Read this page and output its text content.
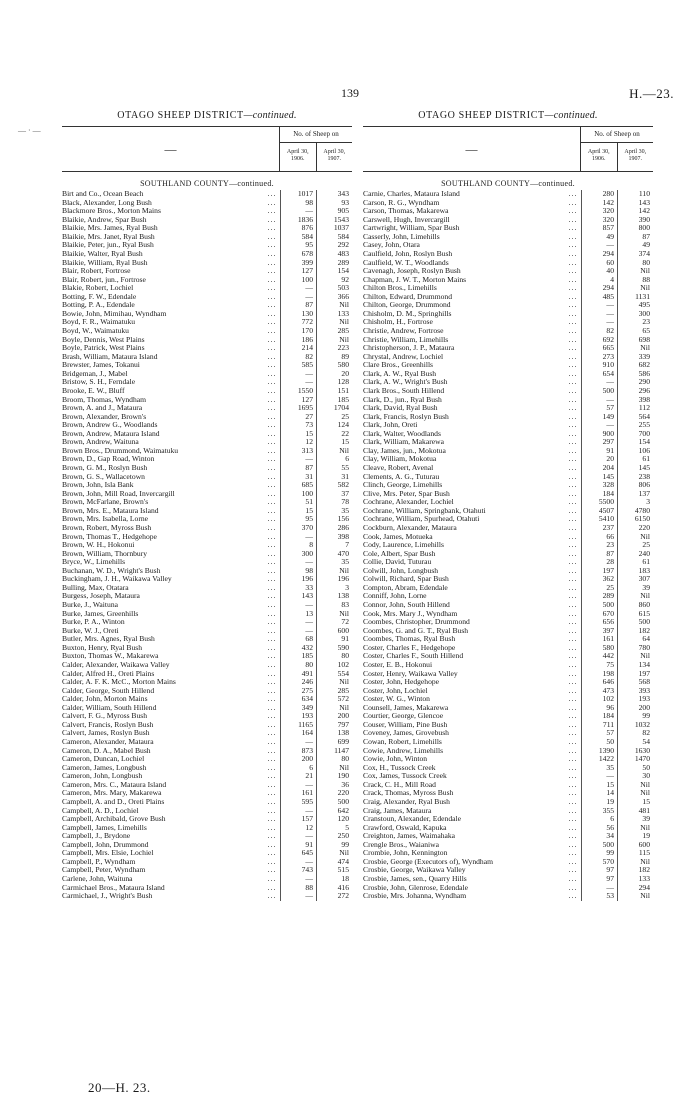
139	H.—23.
— · —
OTAGO SHEEP DISTRICT—continued.
—
No. of Sheep on
April 30, 1906.
April 30, 1907.
SOUTHLAND COUNTY—continued.
Birt and Co., Ocean Beach	...	1017	343
Black, Alexander, Long Bush	...	98	93
Blackmore Bros., Morton Mains	...	—	905
Blaikie, Andrew, Spar Bush	...	1836	1543
Blaikie, Mrs. James, Ryal Bush	...	876	1037
Blaikie, Mrs. Janet, Ryal Bush	...	584	584
Blaikie, Peter, jun., Ryal Bush	...	95	292
Blaikie, Walter, Ryal Bush	...	678	483
Blaikie, William, Ryal Bush	...	399	289
Blair, Robert, Fortrose	...	127	154
Blair, Robert, jun., Fortrose	...	100	92
Blakie, Robert, Lochiel	...	—	503
Botting, F. W., Edendale	...	—	366
Botting, P. A., Edendale	...	87	Nil
Bowie, John, Mimihau, Wyndham	...	130	133
Boyd, F. R., Waimatuku	...	772	Nil
Boyd, W., Waimatuku	...	170	285
Boyle, Dennis, West Plains	...	186	Nil
Boyle, Patrick, West Plains	...	214	223
Brash, William, Mataura Island	...	82	89
Brewster, James, Tokanui	...	585	580
Bridgeman, J., Mabel	...	—	20
Bristow, S. H., Ferndale	...	—	128
Brooke, E. W., Bluff	...	1550	151
Broom, Thomas, Wyndham	...	127	185
Brown, A. and J., Mataura	...	1695	1704
Brown, Alexander, Brown's	...	27	25
Brown, Andrew G., Woodlands	...	73	124
Brown, Andrew, Mataura Island	...	15	22
Brown, Andrew, Waituna	...	12	15
Brown Bros., Drummond, Waimatuku	...	313	Nil
Brown, D., Gap Road, Winton	...	—	6
Brown, G. M., Roslyn Bush	...	87	55
Brown, G. S., Wallacetown	...	31	31
Brown, John, Isla Bank	...	685	582
Brown, John, Mill Road, Invercargill	...	100	37
Brown, McFarlane, Brown's	...	51	78
Brown, Mrs. E., Mataura Island	...	15	35
Brown, Mrs. Isabella, Lorne	...	95	156
Brown, Robert, Myross Bush	...	370	286
Brown, Thomas T., Hedgehope	...	—	398
Brown, W. H., Hokonui	...	8	7
Brown, William, Thornbury	...	300	470
Bryce, W., Limehills	...	—	35
Buchanan, W. D., Wright's Bush	...	98	Nil
Buckingham, J. H., Waikawa Valley	...	196	196
Bulling, Max, Otatara	...	33	3
Burgess, Joseph, Mataura	...	143	138
Burke, J., Waituna	...	—	83
Burke, James, Greenhills	...	13	Nil
Burke, P. A., Winton	...	—	72
Burke, W. J., Oreti	...	—	600
Butler, Mrs. Agnes, Ryal Bush	...	68	91
Buxton, Henry, Ryal Bush	...	432	590
Buxton, Thomas W., Makarewa	...	185	80
Calder, Alexander, Waikawa Valley	...	80	102
Calder, Alfred H., Oreti Plains	...	491	554
Calder, A. F. K. McC., Morton Mains	...	246	Nil
Calder, George, South Hillend	...	275	285
Calder, John, Morton Mains	...	634	572
Calder, William, South Hillend	...	349	Nil
Calvert, F. G., Myross Bush	...	193	200
Calvert, Francis, Roslyn Bush	...	1165	797
Calvert, James, Roslyn Bush	...	164	138
Cameron, Alexander, Mataura	...	—	699
Cameron, D. A., Mabel Bush	...	873	1147
Cameron, Duncan, Lochiel	...	200	80
Cameron, James, Longbush	...	6	Nil
Cameron, John, Longbush	...	21	190
Cameron, Mrs. C., Mataura Island	...	—	36
Cameron, Mrs. Mary, Makarewa	...	161	220
Campbell, A. and D., Oreti Plains	...	595	500
Campbell, A. D., Lochiel	...	—	642
Campbell, Archibald, Grove Bush	...	157	120
Campbell, James, Limehills	...	12	5
Campbell, J., Brydone	...	—	250
Campbell, John, Drummond	...	91	99
Campbell, Mrs. Elsie, Lochiel	...	645	Nil
Campbell, P., Wyndham	...	—	474
Campbell, Peter, Wyndham	...	743	515
Carlene, John, Waituna	...	—	18
Carmichael Bros., Mataura Island	...	88	416
Carmichael, J., Wright's Bush	...	—	272
OTAGO SHEEP DISTRICT—continued.
—
No. of Sheep on
April 30, 1906.
April 30, 1907.
SOUTHLAND COUNTY—continued.
Carnie, Charles, Mataura Island	...	280	110
Carson, R. G., Wyndham	...	142	143
Carson, Thomas, Makarewa	...	320	142
Carswell, Hugh, Invercargill	...	320	390
Cartwright, William, Spar Bush	...	857	800
Casserly, John, Limehills	...	49	87
Casey, John, Otara	...	—	49
Caulfield, John, Roslyn Bush	...	294	374
Caulfield, W. T., Woodlands	...	60	80
Cavenagh, Joseph, Roslyn Bush	...	40	Nil
Chapman, J. W. T., Morton Mains	...	4	88
Chilton Bros., Limehills	...	294	Nil
Chilton, Edward, Drummond	...	485	1131
Chilton, George, Drummond	...	—	495
Chisholm, D. M., Springhills	...	—	300
Chisholm, H., Fortrose	...	—	23
Christie, Andrew, Fortrose	...	82	65
Christie, William, Limehills	...	692	698
Christopherson, J. P., Mataura	...	665	Nil
Chrystal, Andrew, Lochiel	...	273	339
Clare Bros., Greenhills	...	910	682
Clark, A. W., Ryal Bush	...	654	586
Clark, A. W., Wright's Bush	...	—	290
Clark Bros., South Hillend	...	500	296
Clark, D., jun., Ryal Bush	...	—	398
Clark, David, Ryal Bush	...	57	112
Clark, Francis, Roslyn Bush	...	149	564
Clark, John, Oreti	...	—	255
Clark, Walter, Woodlands	...	900	700
Clark, William, Makarewa	...	297	154
Clay, James, jun., Mokotua	...	91	106
Clay, William, Mokotua	...	20	61
Cleave, Robert, Avenal	...	204	145
Clements, A. G., Tuturau	...	145	238
Clinch, George, Limehills	...	328	806
Clive, Mrs. Peter, Spar Bush	...	184	137
Cochrane, Alexander, Lochiel	...	5500	3
Cochrane, William, Springbank, Otahuti	...	4507	4780
Cochrane, William, Spurhead, Otahuti	...	5410	6150
Cockburn, Alexander, Mataura	...	237	220
Cook, James, Motueka	...	66	Nil
Cody, Laurence, Limehills	...	23	25
Cole, Albert, Spar Bush	...	87	240
Collie, David, Tuturau	...	28	61
Colwill, John, Longbush	...	197	183
Colwill, Richard, Spar Bush	...	362	307
Compton, Abram, Edendale	...	25	39
Conniff, John, Lorne	...	289	Nil
Connor, John, South Hillend	...	500	860
Cook, Mrs. Mary J., Wyndham	...	670	615
Coombes, Christopher, Drummond	...	656	500
Coombes, G. and G. T., Ryal Bush	...	397	182
Coombes, Thomas, Ryal Bush	...	161	64
Coster, Charles F., Hedgehope	...	580	780
Coster, Charles F., South Hillend	...	442	Nil
Coster, E. B., Hokonui	...	75	134
Coster, Henry, Waikawa Valley	...	198	197
Coster, John, Hedgehope	...	646	568
Coster, John, Lochiel	...	473	393
Coster, W. G., Winton	...	102	193
Counsell, James, Makarewa	...	96	200
Courtier, George, Glencoe	...	184	99
Couser, William, Pine Bush	...	711	1032
Coveney, James, Grovebush	...	57	82
Cowan, Robert, Limehills	...	50	54
Cowie, Andrew, Limehills	...	1390	1630
Cowie, John, Winton	...	1422	1470
Cox, H., Tussock Creek	...	35	50
Cox, James, Tussock Creek	...	—	30
Crack, C. H., Mill Road	...	15	Nil
Crack, Thomas, Myross Bush	...	14	Nil
Craig, Alexander, Ryal Bush	...	19	15
Craig, James, Mataura	...	355	481
Cranstoun, Alexander, Edendale	...	6	39
Crawford, Oswald, Kapuka	...	56	Nil
Creighton, James, Waimahaka	...	34	19
Crengle Bros., Waianiwa	...	500	600
Crombie, John, Kennington	...	99	115
Crosbie, George (Executors of), Wyndham	...	570	Nil
Crosbie, George, Waikawa Valley	...	97	182
Crosbie, James, sen., Quarry Hills	...	97	133
Crosbie, John, Glenrose, Edendale	...	—	294
Crosbie, Mrs. Johanna, Wyndham	...	53	Nil
20—H. 23.
